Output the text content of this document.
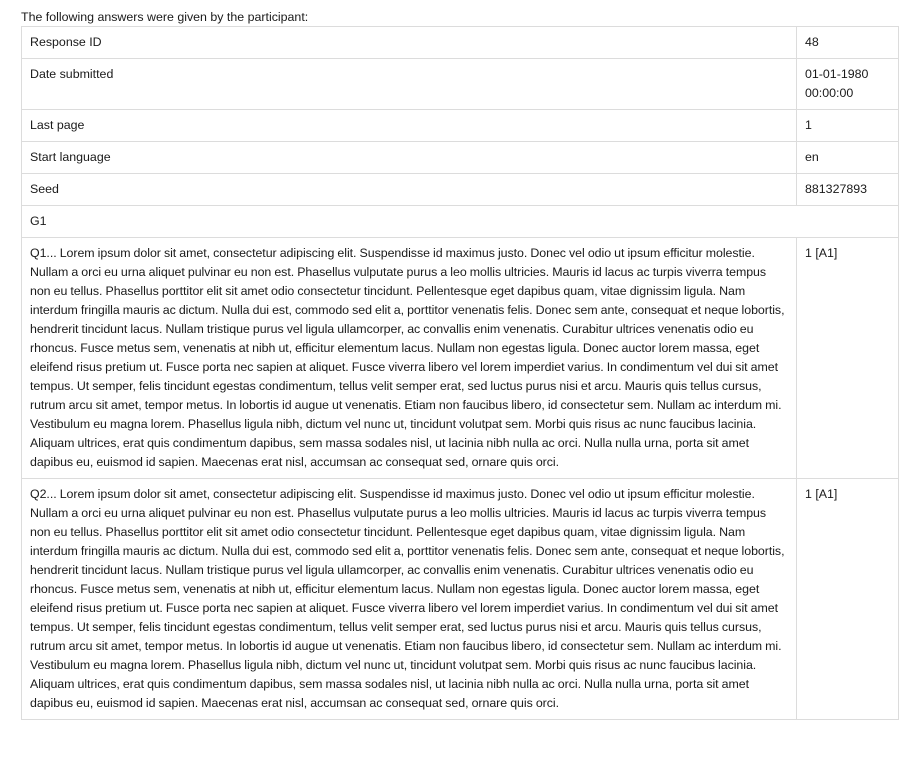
The following answers were given by the participant:
Response ID	48
Date submitted	01-01-1980 00:00:00
Last page	1
Start language	en
Seed	881327893
G1	
Q1... Lorem ipsum dolor sit amet, consectetur adipiscing elit. Suspendisse id maximus justo. Donec vel odio ut ipsum efficitur molestie. Nullam a orci eu urna aliquet pulvinar eu non est. Phasellus vulputate purus a leo mollis ultricies. Mauris id lacus ac turpis viverra tempus non eu tellus. Phasellus porttitor elit sit amet odio consectetur tincidunt. Pellentesque eget dapibus quam, vitae dignissim ligula. Nam interdum fringilla mauris ac dictum. Nulla dui est, commodo sed elit a, porttitor venenatis felis. Donec sem ante, consequat et neque lobortis, hendrerit tincidunt lacus. Nullam tristique purus vel ligula ullamcorper, ac convallis enim venenatis. Curabitur ultrices venenatis odio eu rhoncus. Fusce metus sem, venenatis at nibh ut, efficitur elementum lacus. Nullam non egestas ligula. Donec auctor lorem massa, eget eleifend risus pretium ut. Fusce porta nec sapien at aliquet. Fusce viverra libero vel lorem imperdiet varius. In condimentum vel dui sit amet tempus. Ut semper, felis tincidunt egestas condimentum, tellus velit semper erat, sed luctus purus nisi et arcu. Mauris quis tellus cursus, rutrum arcu sit amet, tempor metus. In lobortis id augue ut venenatis. Etiam non faucibus libero, id consectetur sem. Nullam ac interdum mi. Vestibulum eu magna lorem. Phasellus ligula nibh, dictum vel nunc ut, tincidunt volutpat sem. Morbi quis risus ac nunc faucibus lacinia. Aliquam ultrices, erat quis condimentum dapibus, sem massa sodales nisl, ut lacinia nibh nulla ac orci. Nulla nulla urna, porta sit amet dapibus eu, euismod id sapien. Maecenas erat nisl, accumsan ac consequat sed, ornare quis orci.	1 [A1]
Q2... Lorem ipsum dolor sit amet, consectetur adipiscing elit. Suspendisse id maximus justo. Donec vel odio ut ipsum efficitur molestie. Nullam a orci eu urna aliquet pulvinar eu non est. Phasellus vulputate purus a leo mollis ultricies. Mauris id lacus ac turpis viverra tempus non eu tellus. Phasellus porttitor elit sit amet odio consectetur tincidunt. Pellentesque eget dapibus quam, vitae dignissim ligula. Nam interdum fringilla mauris ac dictum. Nulla dui est, commodo sed elit a, porttitor venenatis felis. Donec sem ante, consequat et neque lobortis, hendrerit tincidunt lacus. Nullam tristique purus vel ligula ullamcorper, ac convallis enim venenatis. Curabitur ultrices venenatis odio eu rhoncus. Fusce metus sem, venenatis at nibh ut, efficitur elementum lacus. Nullam non egestas ligula. Donec auctor lorem massa, eget eleifend risus pretium ut. Fusce porta nec sapien at aliquet. Fusce viverra libero vel lorem imperdiet varius. In condimentum vel dui sit amet tempus. Ut semper, felis tincidunt egestas condimentum, tellus velit semper erat, sed luctus purus nisi et arcu. Mauris quis tellus cursus, rutrum arcu sit amet, tempor metus. In lobortis id augue ut venenatis. Etiam non faucibus libero, id consectetur sem. Nullam ac interdum mi. Vestibulum eu magna lorem. Phasellus ligula nibh, dictum vel nunc ut, tincidunt volutpat sem. Morbi quis risus ac nunc faucibus lacinia. Aliquam ultrices, erat quis condimentum dapibus, sem massa sodales nisl, ut lacinia nibh nulla ac orci. Nulla nulla urna, porta sit amet dapibus eu, euismod id sapien. Maecenas erat nisl, accumsan ac consequat sed, ornare quis orci.	1 [A1]
